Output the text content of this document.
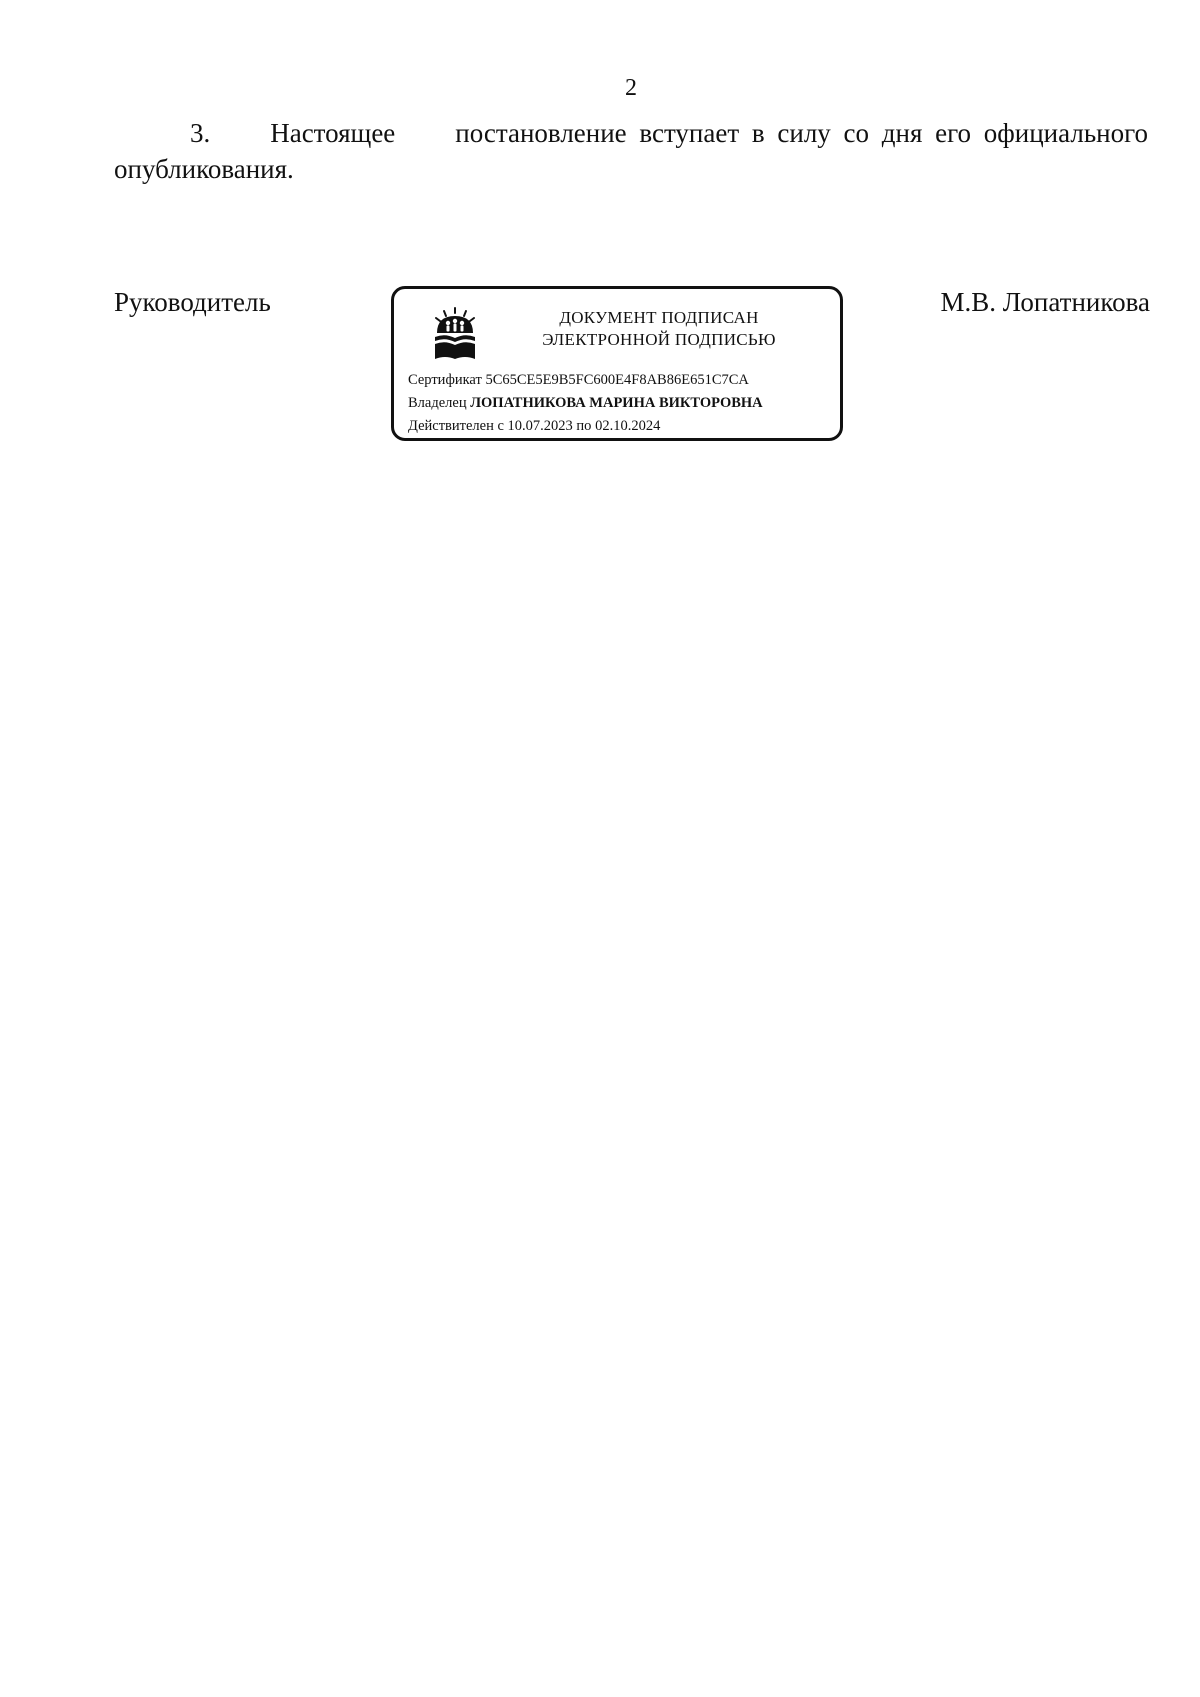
2
3. Настоящее постановление вступает в силу со дня его официального
опубликования.
Руководитель
ДОКУМЕНТ ПОДПИСАН
ЭЛЕКТРОННОЙ ПОДПИСЬЮ
Сертификат 5C65CE5E9B5FC600E4F8AB86E651C7CA
Владелец ЛОПАТНИКОВА МАРИНА ВИКТОРОВНА
Действителен с 10.07.2023 по 02.10.2024
М.В. Лопатникова
